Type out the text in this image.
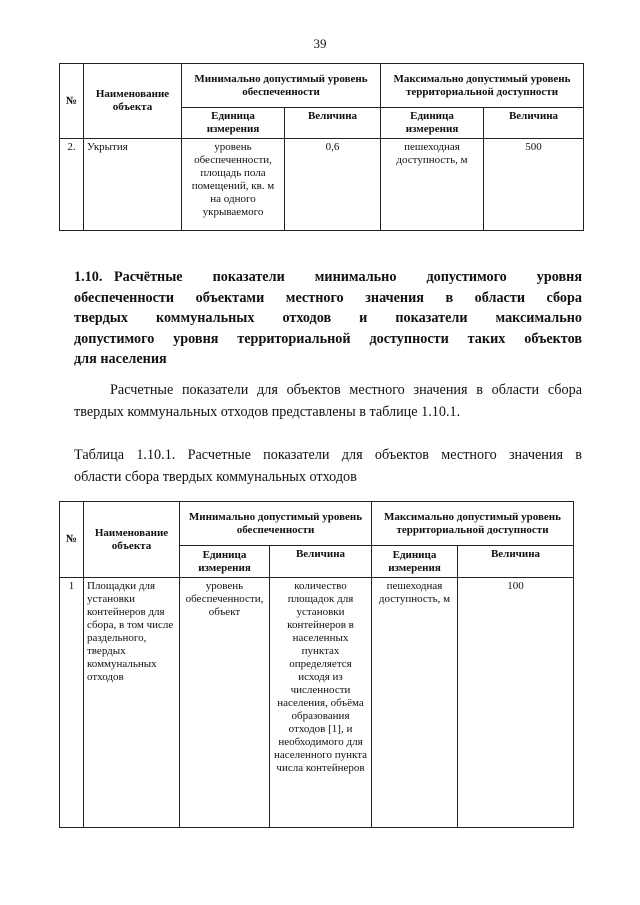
39
№	Наименование объекта	Минимально допустимый уровень обеспеченности		Максимально допустимый уровень территориальной доступности	
		Единица измерения	Величина	Единица измерения	Величина
2.	Укрытия	уровень обеспеченности, площадь пола помещений, кв. м на одного укрываемого	0,6	пешеходная доступность, м	500
1.10. Расчётные показатели минимально допустимого уровня
обеспеченности объектами местного значения в области сбора
твердых коммунальных отходов и показатели максимально
допустимого уровня территориальной доступности таких объектов
для населения
Расчетные показатели для объектов местного значения в области сбора
твердых коммунальных отходов представлены в таблице 1.10.1.
Таблица 1.10.1. Расчетные показатели для объектов местного значения в
области сбора твердых коммунальных отходов
№	Наименование объекта	Минимально допустимый уровень обеспеченности		Максимально допустимый уровень территориальной доступности	
		Единица измерения	Величина	Единица измерения	Величина
1	Площадки для установки контейнеров для сбора, в том числе раздельного, твердых коммунальных отходов	уровень обеспеченности, объект	количество площадок для установки контейнеров в населенных пунктах определяется исходя из численности населения, объёма образования отходов [1], и необходимого для населенного пункта числа контейнеров	пешеходная доступность, м	100
